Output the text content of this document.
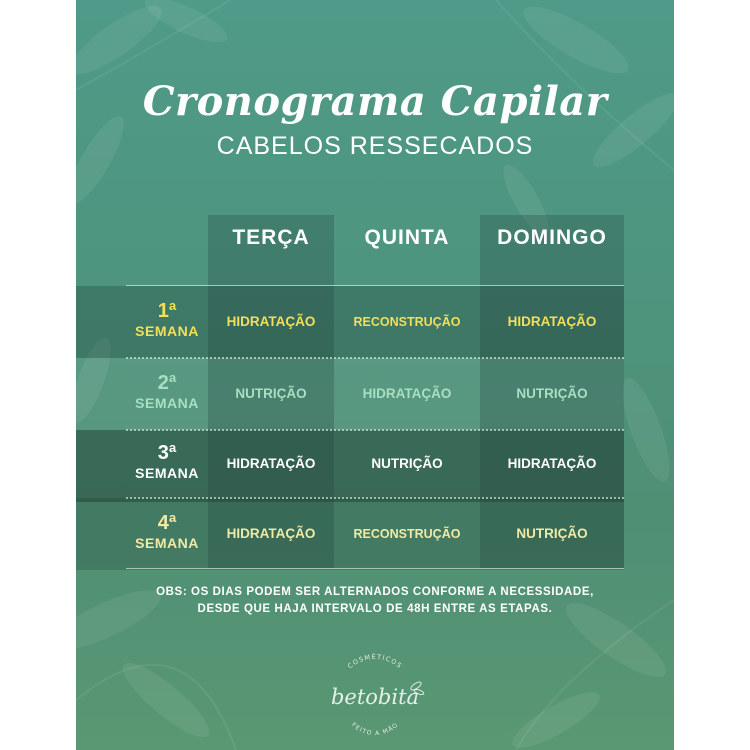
Cronograma Capilar
CABELOS RESSECADOS
TERÇA	QUINTA	DOMINGO
1ª
SEMANA
HIDRATAÇÃO	RECONSTRUÇÃO	HIDRATAÇÃO
2ª
SEMANA
NUTRIÇÃO	HIDRATAÇÃO	NUTRIÇÃO
3ª
SEMANA
HIDRATAÇÃO	NUTRIÇÃO	HIDRATAÇÃO
4ª
SEMANA
HIDRATAÇÃO	RECONSTRUÇÃO	NUTRIÇÃO
OBS: OS DIAS PODEM SER ALTERNADOS CONFORME A NECESSIDADE,
DESDE QUE HAJA INTERVALO DE 48H ENTRE AS ETAPAS.
COSMÉTICOS
betobita
FEITO A MÃO
